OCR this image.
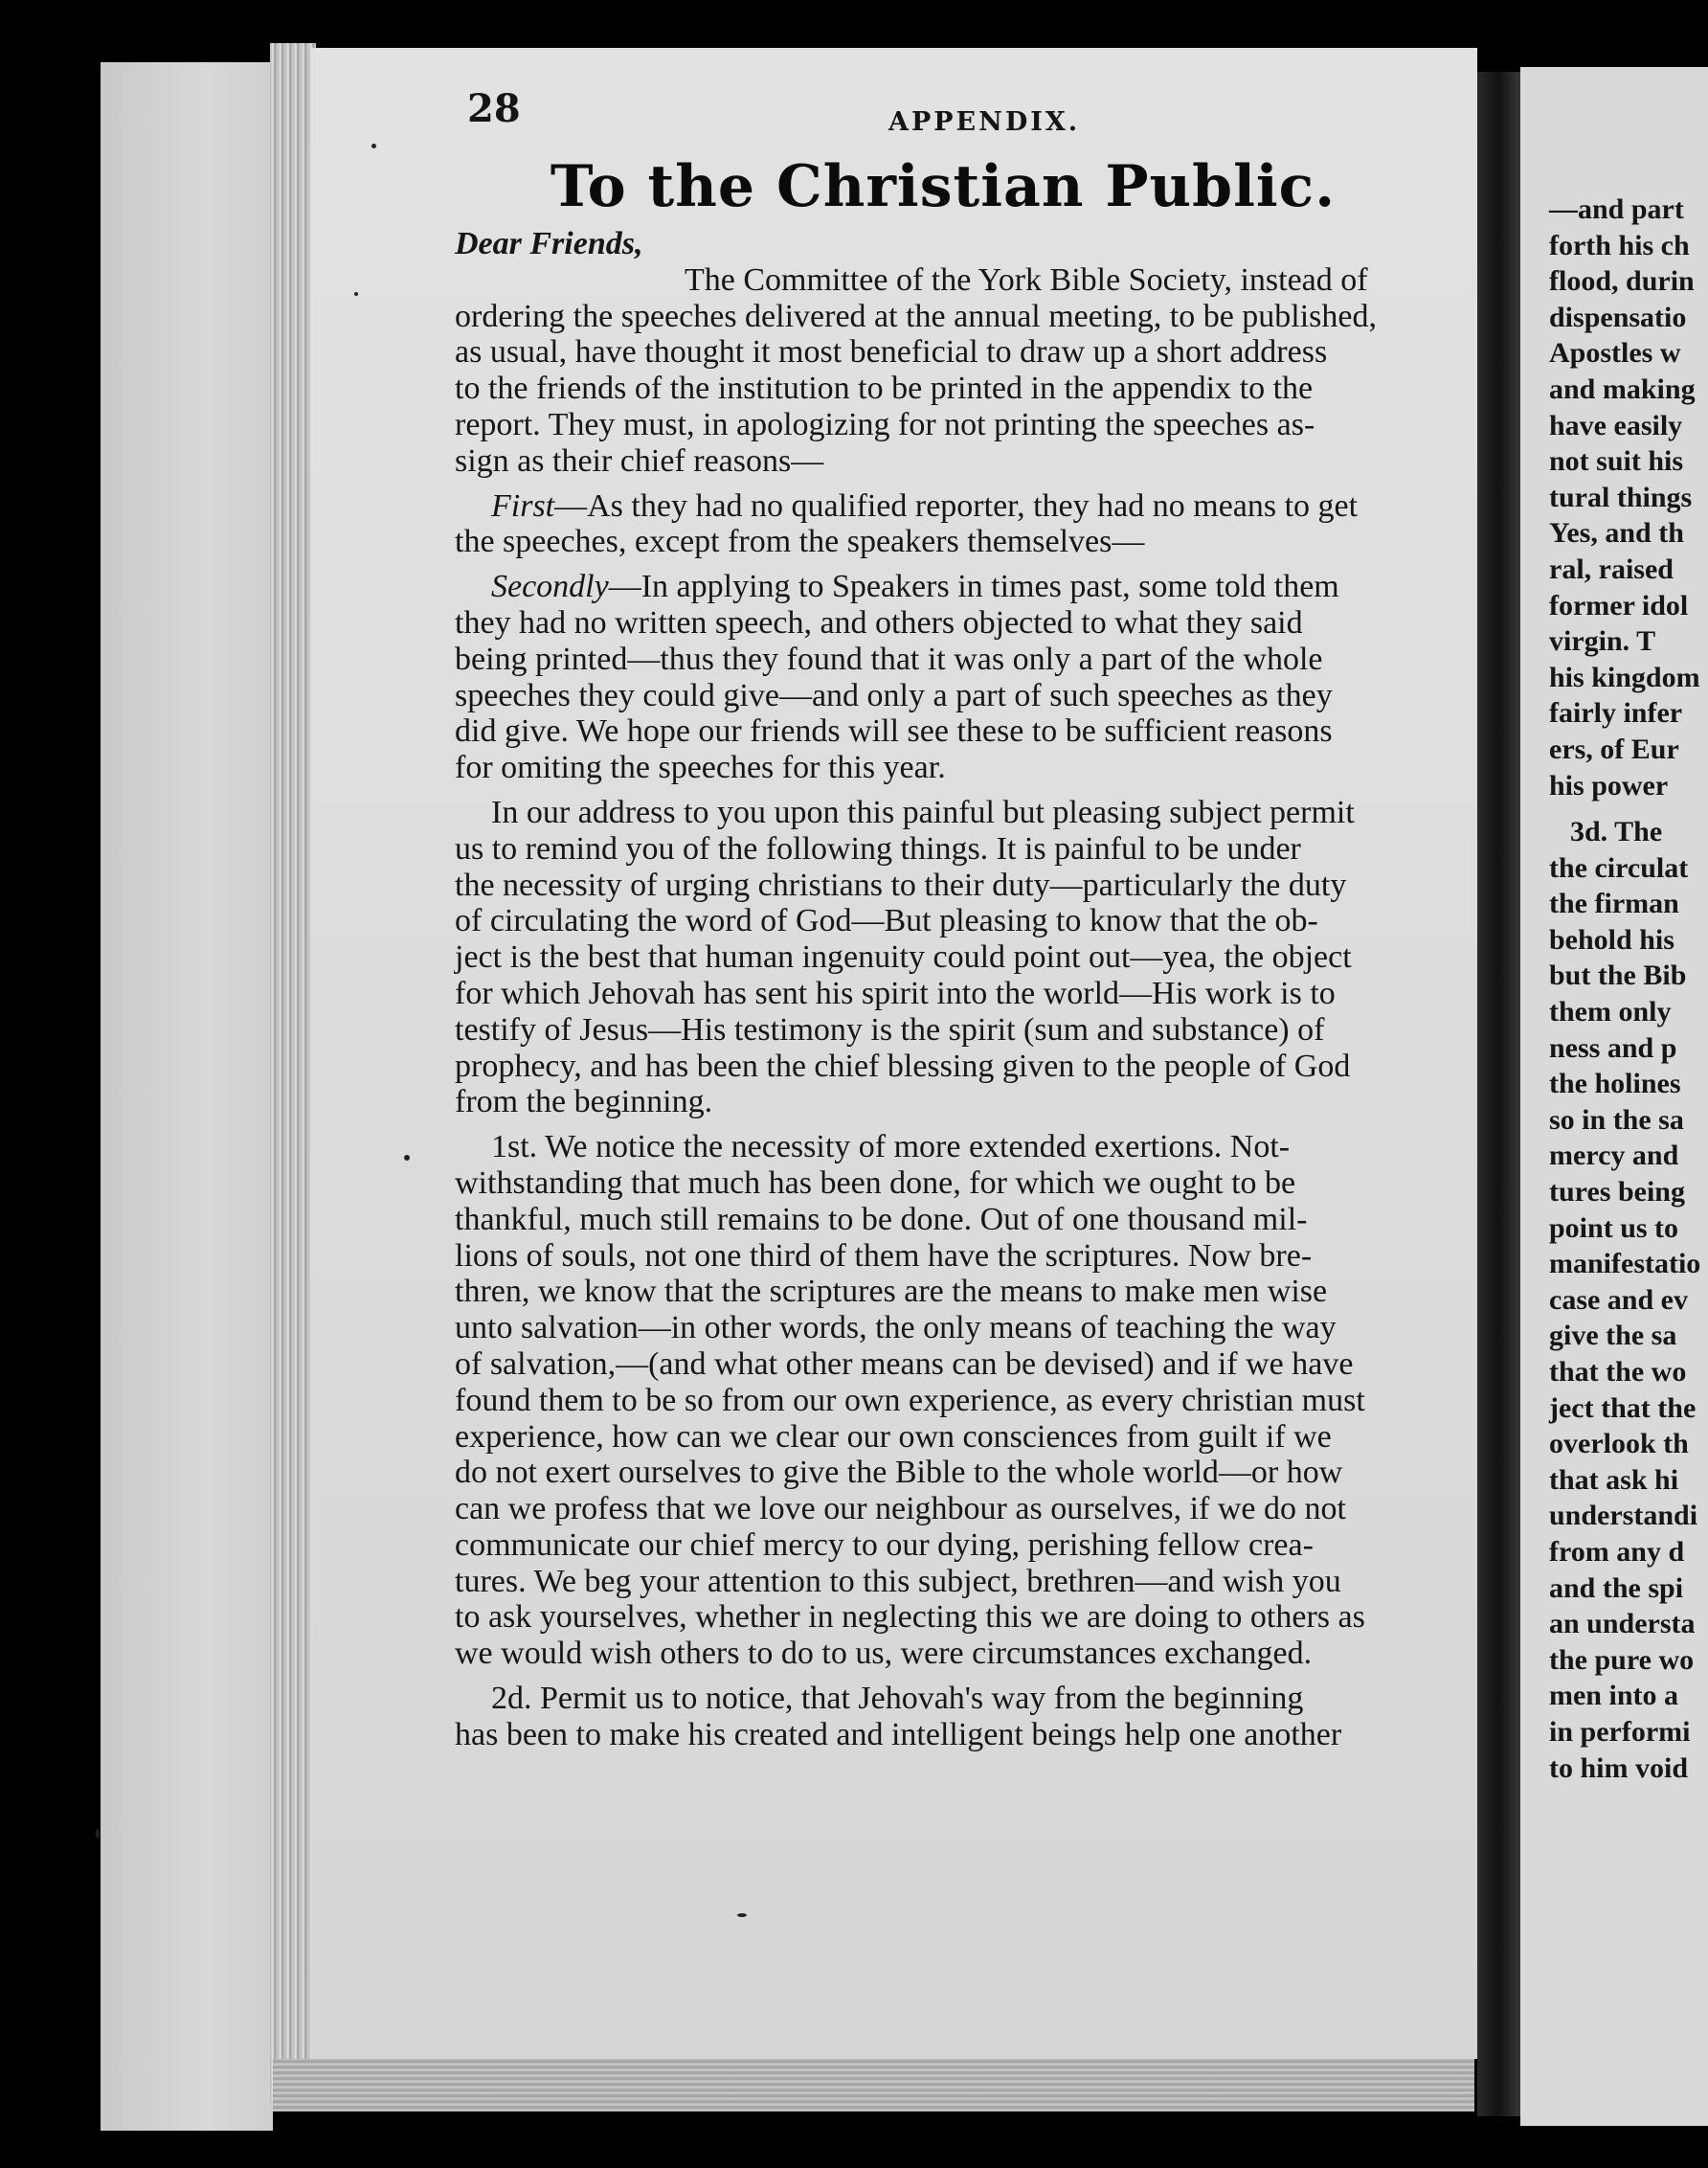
—and part
forth his ch
flood, durin
dispensatio
Apostles w
and making
have easily
not suit his
tural things
Yes, and th
ral, raised
former idol
virgin. T
his kingdom
fairly infer
ers, of Eur
his power
3d. The
the circulat
the firman
behold his
but the Bib
them only
ness and p
the holines
so in the sa
mercy and
tures being
point us to
manifestatio
case and ev
give the sa
that the wo
ject that the
overlook th
that ask hi
understandi
from any d
and the spi
an understa
the pure wo
men into a
in performi
to him void
28	APPENDIX.
To the Christian Public.
Dear Friends,
The Committee of the York Bible Society, instead of
ordering the speeches delivered at the annual meeting, to be published,
as usual, have thought it most beneficial to draw up a short address
to the friends of the institution to be printed in the appendix to the
report. They must, in apologizing for not printing the speeches as-
sign as their chief reasons—
First—As they had no qualified reporter, they had no means to get
the speeches, except from the speakers themselves—
Secondly—In applying to Speakers in times past, some told them
they had no written speech, and others objected to what they said
being printed—thus they found that it was only a part of the whole
speeches they could give—and only a part of such speeches as they
did give. We hope our friends will see these to be sufficient reasons
for omiting the speeches for this year.
In our address to you upon this painful but pleasing subject permit
us to remind you of the following things. It is painful to be under
the necessity of urging christians to their duty—particularly the duty
of circulating the word of God—But pleasing to know that the ob-
ject is the best that human ingenuity could point out—yea, the object
for which Jehovah has sent his spirit into the world—His work is to
testify of Jesus—His testimony is the spirit (sum and substance) of
prophecy, and has been the chief blessing given to the people of God
from the beginning.
1st. We notice the necessity of more extended exertions. Not-
withstanding that much has been done, for which we ought to be
thankful, much still remains to be done. Out of one thousand mil-
lions of souls, not one third of them have the scriptures. Now bre-
thren, we know that the scriptures are the means to make men wise
unto salvation—in other words, the only means of teaching the way
of salvation,—(and what other means can be devised) and if we have
found them to be so from our own experience, as every christian must
experience, how can we clear our own consciences from guilt if we
do not exert ourselves to give the Bible to the whole world—or how
can we profess that we love our neighbour as ourselves, if we do not
communicate our chief mercy to our dying, perishing fellow crea-
tures. We beg your attention to this subject, brethren—and wish you
to ask yourselves, whether in neglecting this we are doing to others as
we would wish others to do to us, were circumstances exchanged.
2d. Permit us to notice, that Jehovah's way from the beginning
has been to make his created and intelligent beings help one another
